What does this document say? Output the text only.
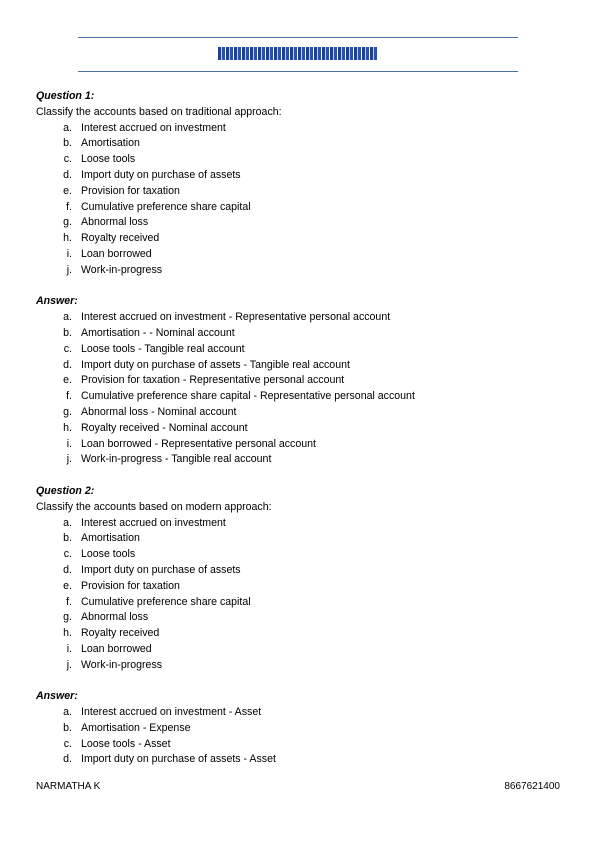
Question 1:
Classify the accounts based on traditional approach:
a. Interest accrued on investment
b. Amortisation
c. Loose tools
d. Import duty on purchase of assets
e. Provision for taxation
f. Cumulative preference share capital
g. Abnormal loss
h. Royalty received
i. Loan borrowed
j. Work-in-progress
Answer:
a. Interest accrued on investment - Representative personal account
b. Amortisation - - Nominal account
c. Loose tools - Tangible real account
d. Import duty on purchase of assets - Tangible real account
e. Provision for taxation - Representative personal account
f. Cumulative preference share capital - Representative personal account
g. Abnormal loss - Nominal account
h. Royalty received - Nominal account
i. Loan borrowed - Representative personal account
j. Work-in-progress - Tangible real account
Question 2:
Classify the accounts based on modern approach:
a. Interest accrued on investment
b. Amortisation
c. Loose tools
d. Import duty on purchase of assets
e. Provision for taxation
f. Cumulative preference share capital
g. Abnormal loss
h. Royalty received
i. Loan borrowed
j. Work-in-progress
Answer:
a. Interest accrued on investment - Asset
b. Amortisation - Expense
c. Loose tools - Asset
d. Import duty on purchase of assets - Asset
NARMATHA K	8667621400
